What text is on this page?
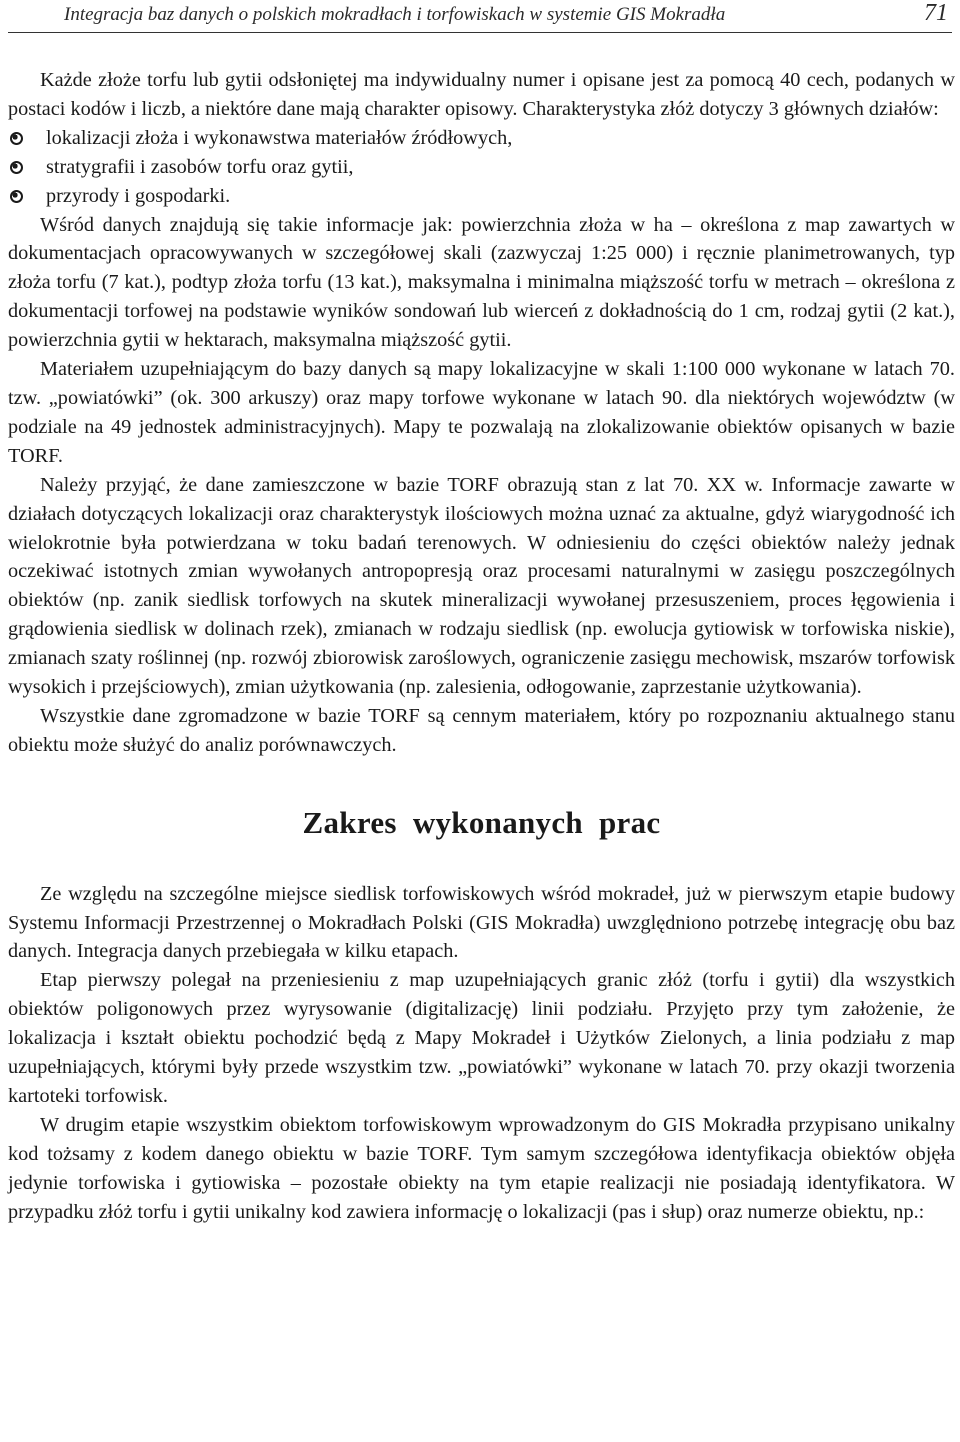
Integracja baz danych o polskich mokradłach i torfowiskach w systemie GIS Mokradła	71

Każde złoże torfu lub gytii odsłoniętej ma indywidualny numer i opisane jest za pomocą 40 cech, podanych w postaci kodów i liczb, a niektóre dane mają charakter opisowy. Charakterystyka złóż dotyczy 3 głównych działów:

lokalizacji złoża i wykonawstwa materiałów źródłowych,
stratygrafii i zasobów torfu oraz gytii,
przyrody i gospodarki.

Wśród danych znajdują się takie informacje jak: powierzchnia złoża w ha – określona z map zawartych w dokumentacjach opracowywanych w szczegółowej skali (zazwyczaj 1:25 000) i ręcznie planimetrowanych, typ złoża torfu (7 kat.), podtyp złoża torfu (13 kat.), maksymalna i minimalna miąższość torfu w metrach – określona z dokumentacji torfowej na podstawie wyników sondowań lub wierceń z dokładnością do 1 cm, rodzaj gytii (2 kat.), powierzchnia gytii w hektarach, maksymalna miąższość gytii.

Materiałem uzupełniającym do bazy danych są mapy lokalizacyjne w skali 1:100 000 wykonane w latach 70. tzw. „powiatówki” (ok. 300 arkuszy) oraz mapy torfowe wykonane w latach 90. dla niektórych województw (w podziale na 49 jednostek administracyjnych). Mapy te pozwalają na zlokalizowanie obiektów opisanych w bazie TORF.

Należy przyjąć, że dane zamieszczone w bazie TORF obrazują stan z lat 70. XX w. Informacje zawarte w działach dotyczących lokalizacji oraz charakterystyk ilościowych można uznać za aktualne, gdyż wiarygodność ich wielokrotnie była potwierdzana w toku badań terenowych. W odniesieniu do części obiektów należy jednak oczekiwać istotnych zmian wywołanych antropopresją oraz procesami naturalnymi w zasięgu poszczególnych obiektów (np. zanik siedlisk torfowych na skutek mineralizacji wywołanej przesuszeniem, proces łęgowienia i grądowienia siedlisk w dolinach rzek), zmianach w rodzaju siedlisk (np. ewolucja gytiowisk w torfowiska niskie), zmianach szaty roślinnej (np. rozwój zbiorowisk zaroślowych, ograniczenie zasięgu mechowisk, mszarów torfowisk wysokich i przejściowych), zmian użytkowania (np. zalesienia, odłogowanie, zaprzestanie użytkowania).

Wszystkie dane zgromadzone w bazie TORF są cennym materiałem, który po rozpoznaniu aktualnego stanu obiektu może służyć do analiz porównawczych.

Zakres wykonanych prac

Ze względu na szczególne miejsce siedlisk torfowiskowych wśród mokradeł, już w pierwszym etapie budowy Systemu Informacji Przestrzennej o Mokradłach Polski (GIS Mokradła) uwzględniono potrzebę integrację obu baz danych. Integracja danych przebiegała w kilku etapach.

Etap pierwszy polegał na przeniesieniu z map uzupełniających granic złóż (torfu i gytii) dla wszystkich obiektów poligonowych przez wyrysowanie (digitalizację) linii podziału. Przyjęto przy tym założenie, że lokalizacja i kształt obiektu pochodzić będą z Mapy Mokradeł i Użytków Zielonych, a linia podziału z map uzupełniających, którymi były przede wszystkim tzw. „powiatówki” wykonane w latach 70. przy okazji tworzenia kartoteki torfowisk.

W drugim etapie wszystkim obiektom torfowiskowym wprowadzonym do GIS Mokradła przypisano unikalny kod tożsamy z kodem danego obiektu w bazie TORF. Tym samym szczegółowa identyfikacja obiektów objęła jedynie torfowiska i gytiowiska – pozostałe obiekty na tym etapie realizacji nie posiadają identyfikatora. W przypadku złóż torfu i gytii unikalny kod zawiera informację o lokalizacji (pas i słup) oraz numerze obiektu, np.:
